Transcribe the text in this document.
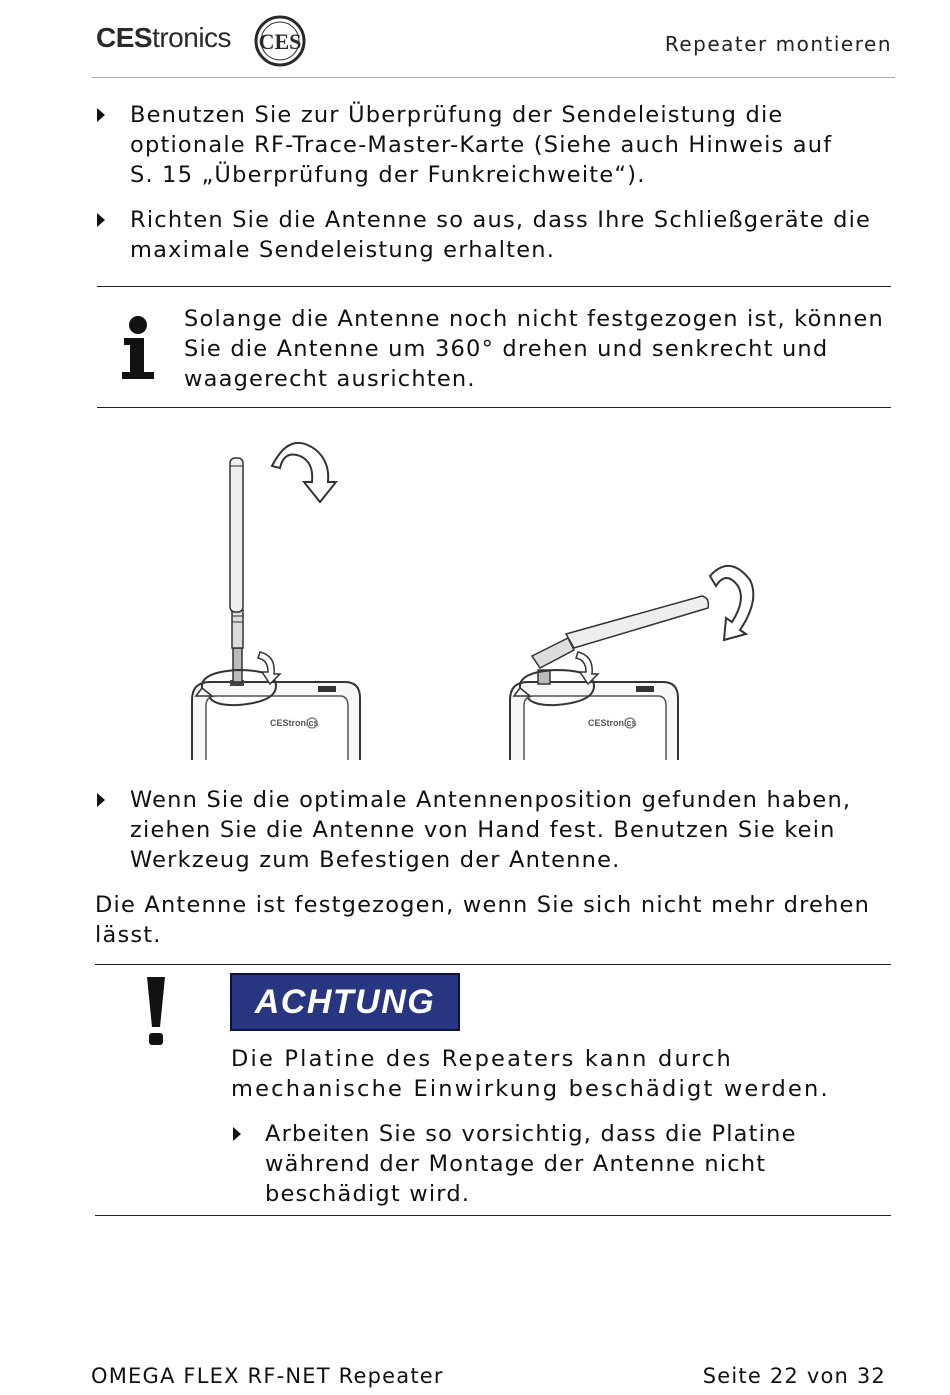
CEStronics CES	Repeater montieren
Benutzen Sie zur Überprüfung der Sendeleistung die
optionale RF-Trace-Master-Karte (Siehe auch Hinweis auf
S. 15 „Überprüfung der Funkreichweite“).
Richten Sie die Antenne so aus, dass Ihre Schließgeräte die
maximale Sendeleistung erhalten.
Solange die Antenne noch nicht festgezogen ist, können
Sie die Antenne um 360° drehen und senkrecht und
waagerecht ausrichten.
CEStronics	CEStronics
Wenn Sie die optimale Antennenposition gefunden haben,
ziehen Sie die Antenne von Hand fest. Benutzen Sie kein
Werkzeug zum Befestigen der Antenne.
Die Antenne ist festgezogen, wenn Sie sich nicht mehr drehen
lässt.
ACHTUNG
Die Platine des Repeaters kann durch
mechanische Einwirkung beschädigt werden.
Arbeiten Sie so vorsichtig, dass die Platine
während der Montage der Antenne nicht
beschädigt wird.
OMEGA FLEX RF-NET Repeater	Seite 22 von 32
